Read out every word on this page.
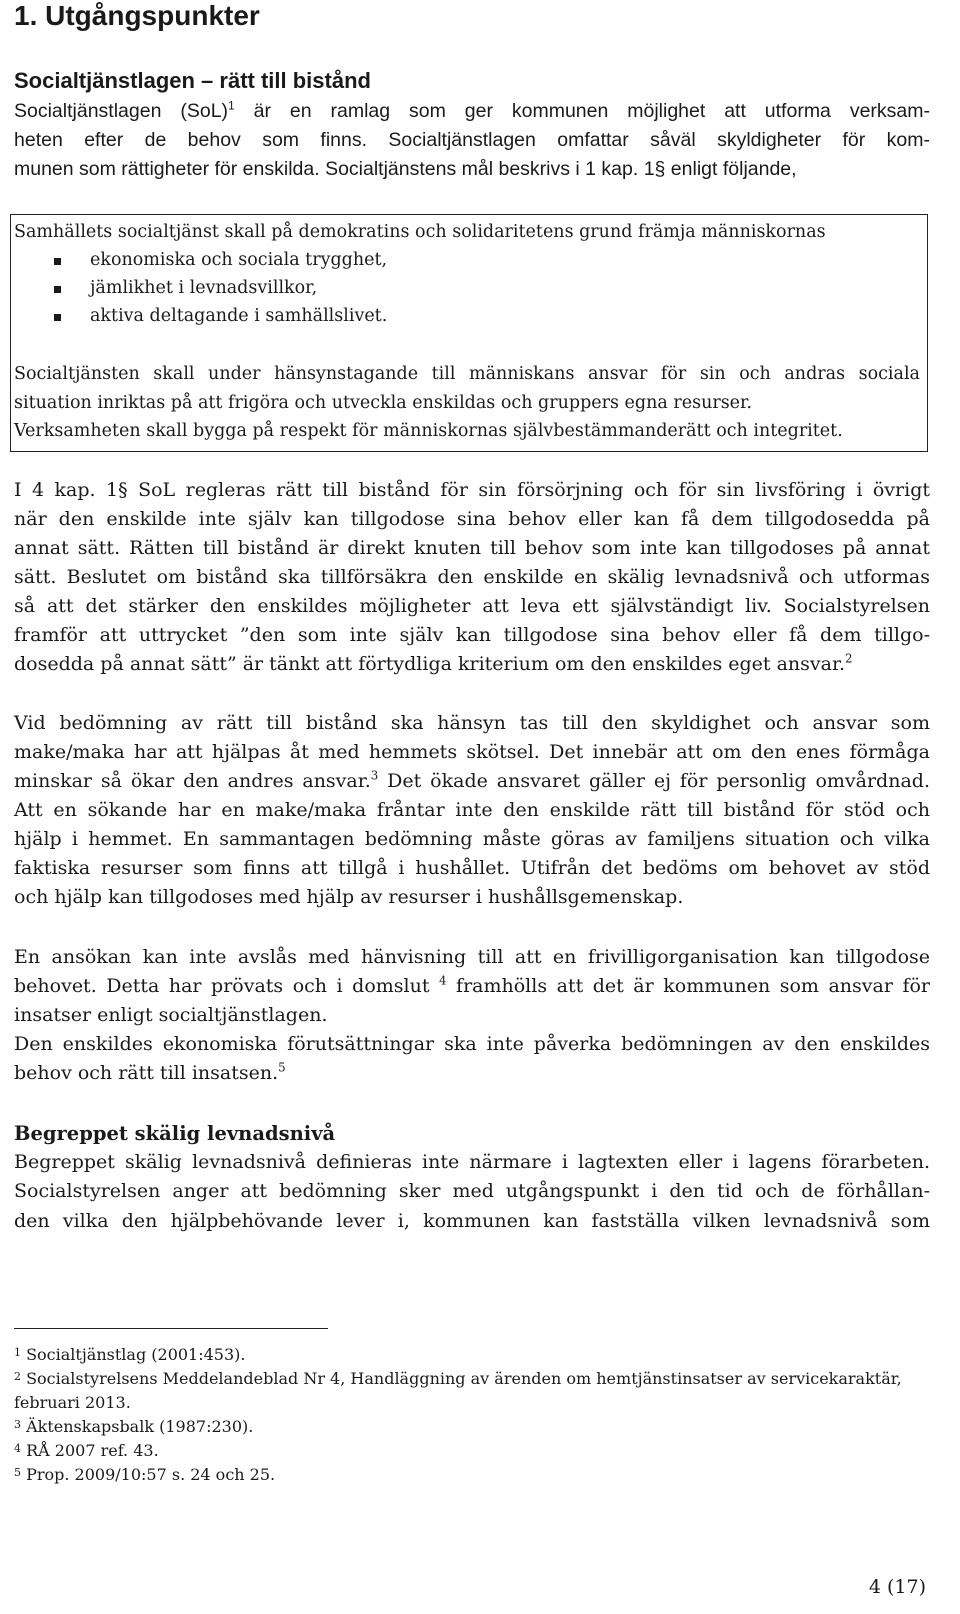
1. Utgångspunkter
Socialtjänstlagen – rätt till bistånd
Socialtjänstlagen (SoL)$^1$ är en ramlag som ger kommunen möjlighet att utforma verksam-
heten efter de behov som finns. Socialtjänstlagen omfattar såväl skyldigheter för kom-
munen som rättigheter för enskilda. Socialtjänstens mål beskrivs i 1 kap. 1§ enligt följande,
Samhällets socialtjänst skall på demokratins och solidaritetens grund främja människornas
ekonomiska och sociala trygghet,
jämlikhet i levnadsvillkor,
aktiva deltagande i samhällslivet.
Socialtjänsten skall under hänsynstagande till människans ansvar för sin och andras sociala
situation inriktas på att frigöra och utveckla enskildas och gruppers egna resurser.
Verksamheten skall bygga på respekt för människornas självbestämmanderätt och integritet.
I 4 kap. 1§ SoL regleras rätt till bistånd för sin försörjning och för sin livsföring i övrigt
när den enskilde inte själv kan tillgodose sina behov eller kan få dem tillgodosedda på
annat sätt. Rätten till bistånd är direkt knuten till behov som inte kan tillgodoses på annat
sätt. Beslutet om bistånd ska tillförsäkra den enskilde en skälig levnadsnivå och utformas
så att det stärker den enskildes möjligheter att leva ett självständigt liv. Socialstyrelsen
framför att uttrycket ”den som inte själv kan tillgodose sina behov eller få dem tillgo-
dosedda på annat sätt” är tänkt att förtydliga kriterium om den enskildes eget ansvar.$^2$
Vid bedömning av rätt till bistånd ska hänsyn tas till den skyldighet och ansvar som
make/maka har att hjälpas åt med hemmets skötsel. Det innebär att om den enes förmåga
minskar så ökar den andres ansvar.$^3$ Det ökade ansvaret gäller ej för personlig omvårdnad.
Att en sökande har en make/maka fråntar inte den enskilde rätt till bistånd för stöd och
hjälp i hemmet. En sammantagen bedömning måste göras av familjens situation och vilka
faktiska resurser som finns att tillgå i hushållet. Utifrån det bedöms om behovet av stöd
och hjälp kan tillgodoses med hjälp av resurser i hushållsgemenskap.
En ansökan kan inte avslås med hänvisning till att en frivilligorganisation kan tillgodose
behovet. Detta har prövats och i domslut $^4$ framhölls att det är kommunen som ansvar för
insatser enligt socialtjänstlagen.
Den enskildes ekonomiska förutsättningar ska inte påverka bedömningen av den enskildes
behov och rätt till insatsen.$^5$
Begreppet skälig levnadsnivå
Begreppet skälig levnadsnivå definieras inte närmare i lagtexten eller i lagens förarbeten.
Socialstyrelsen anger att bedömning sker med utgångspunkt i den tid och de förhållan-
den vilka den hjälpbehövande lever i, kommunen kan fastställa vilken levnadsnivå som
$^1$ Socialtjänstlag (2001:453).
$^2$ Socialstyrelsens Meddelandeblad Nr 4, Handläggning av ärenden om hemtjänstinsatser av servicekaraktär,
februari 2013.
$^3$ Äktenskapsbalk (1987:230).
$^4$ RÅ 2007 ref. 43.
$^5$ Prop. 2009/10:57 s. 24 och 25.
4 (17)
